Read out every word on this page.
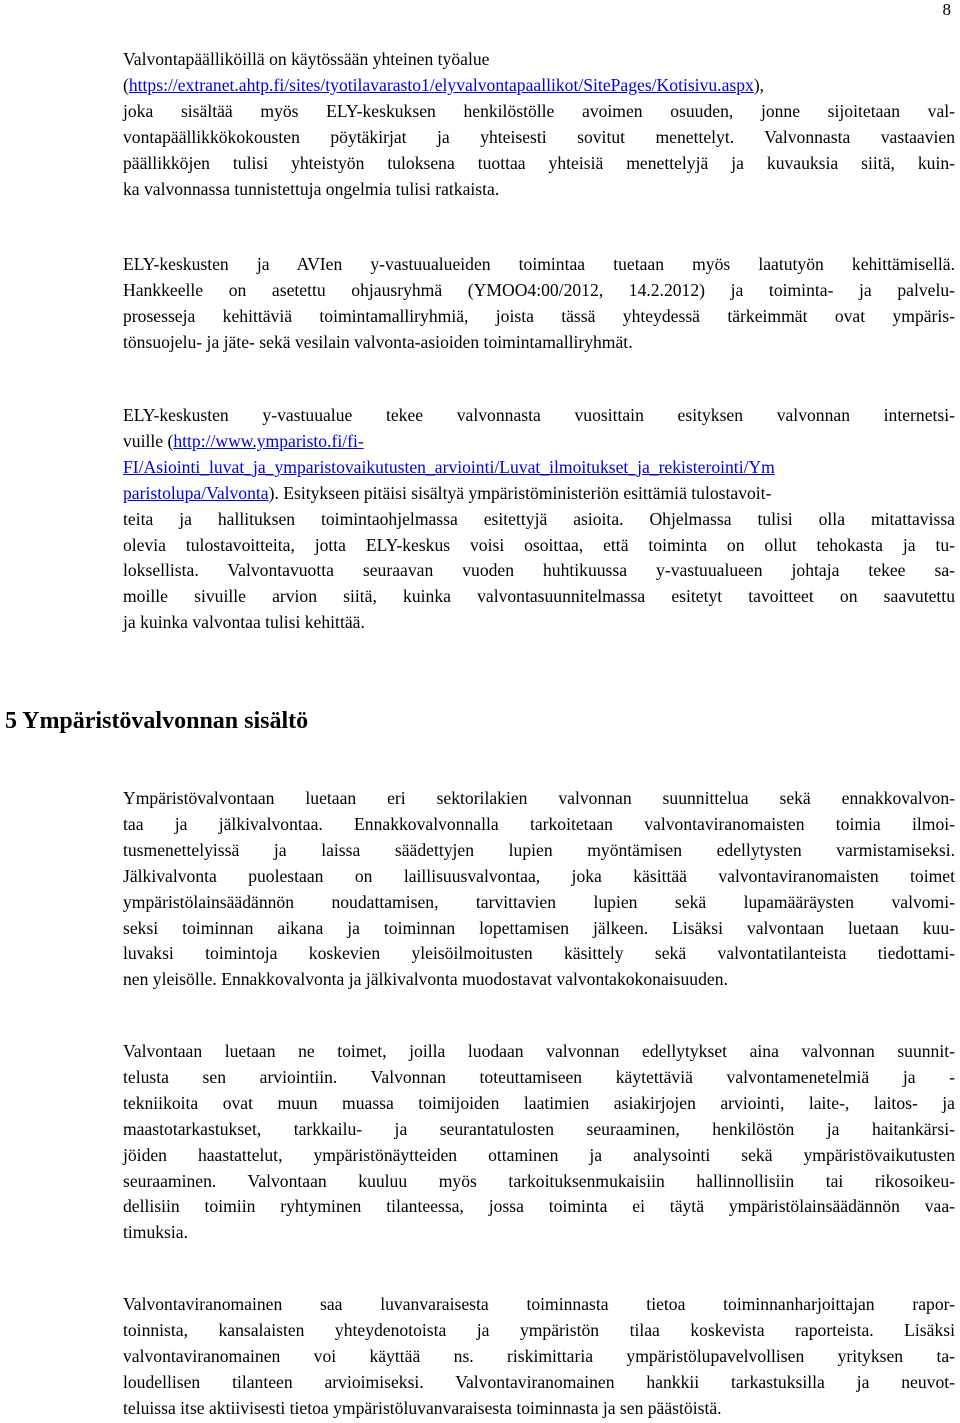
8
Valvontapäälliköillä on käytössään yhteinen työalue
(https://extranet.ahtp.fi/sites/tyotilavarasto1/elyvalvontapaallikot/SitePages/Kotisivu.aspx),
joka sisältää myös ELY-keskuksen henkilöstölle avoimen osuuden, jonne sijoitetaan val-
vontapäällikkökokousten pöytäkirjat ja yhteisesti sovitut menettelyt. Valvonnasta vastaavien
päällikköjen tulisi yhteistyön tuloksena tuottaa yhteisiä menettelyjä ja kuvauksia siitä, kuin-
ka valvonnassa tunnistettuja ongelmia tulisi ratkaista.
ELY-keskusten ja AVIen y-vastuualueiden toimintaa tuetaan myös laatutyön kehittämisellä.
Hankkeelle on asetettu ohjausryhmä (YMOO4:00/2012, 14.2.2012) ja toiminta- ja palvelu-
prosesseja kehittäviä toimintamalliryhmiä, joista tässä yhteydessä tärkeimmät ovat ympäris-
tönsuojelu- ja jäte- sekä vesilain valvonta-asioiden toimintamalliryhmät.
ELY-keskusten y-vastuualue tekee valvonnasta vuosittain esityksen valvonnan internetsi-
vuille (http://www.ymparisto.fi/fi-
FI/Asiointi_luvat_ja_ymparistovaikutusten_arviointi/Luvat_ilmoitukset_ja_rekisterointi/Ym
paristolupa/Valvonta). Esitykseen pitäisi sisältyä ympäristöministeriön esittämiä tulostavoit-
teita ja hallituksen toimintaohjelmassa esitettyjä asioita. Ohjelmassa tulisi olla mitattavissa
olevia tulostavoitteita, jotta ELY-keskus voisi osoittaa, että toiminta on ollut tehokasta ja tu-
loksellista. Valvontavuotta seuraavan vuoden huhtikuussa y-vastuualueen johtaja tekee sa-
moille sivuille arvion siitä, kuinka valvontasuunnitelmassa esitetyt tavoitteet on saavutettu
ja kuinka valvontaa tulisi kehittää.
5 Ympäristövalvonnan sisältö
Ympäristövalvontaan luetaan eri sektorilakien valvonnan suunnittelua sekä ennakkovalvon-
taa ja jälkivalvontaa. Ennakkovalvonnalla tarkoitetaan valvontaviranomaisten toimia ilmoi-
tusmenettelyissä ja laissa säädettyjen lupien myöntämisen edellytysten varmistamiseksi.
Jälkivalvonta puolestaan on laillisuusvalvontaa, joka käsittää valvontaviranomaisten toimet
ympäristölainsäädännön noudattamisen, tarvittavien lupien sekä lupamääräysten valvomi-
seksi toiminnan aikana ja toiminnan lopettamisen jälkeen. Lisäksi valvontaan luetaan kuu-
luvaksi toimintoja koskevien yleisöilmoitusten käsittely sekä valvontatilanteista tiedottami-
nen yleisölle. Ennakkovalvonta ja jälkivalvonta muodostavat valvontakokonaisuuden.
Valvontaan luetaan ne toimet, joilla luodaan valvonnan edellytykset aina valvonnan suunnit-
telusta sen arviointiin. Valvonnan toteuttamiseen käytettäviä valvontamenetelmiä ja -
tekniikoita ovat muun muassa toimijoiden laatimien asiakirjojen arviointi, laite-, laitos- ja
maastotarkastukset, tarkkailu- ja seurantatulosten seuraaminen, henkilöstön ja haitankärsi-
jöiden haastattelut, ympäristönäytteiden ottaminen ja analysointi sekä ympäristövaikutusten
seuraaminen. Valvontaan kuuluu myös tarkoituksenmukaisiin hallinnollisiin tai rikosoikeu-
dellisiin toimiin ryhtyminen tilanteessa, jossa toiminta ei täytä ympäristölainsäädännön vaa-
timuksia.
Valvontaviranomainen saa luvanvaraisesta toiminnasta tietoa toiminnanharjoittajan rapor-
toinnista, kansalaisten yhteydenotoista ja ympäristön tilaa koskevista raporteista. Lisäksi
valvontaviranomainen voi käyttää ns. riskimittaria ympäristölupavelvollisen yrityksen ta-
loudellisen tilanteen arvioimiseksi. Valvontaviranomainen hankkii tarkastuksilla ja neuvot-
teluissa itse aktiivisesti tietoa ympäristöluvanvaraisesta toiminnasta ja sen päästöistä.
